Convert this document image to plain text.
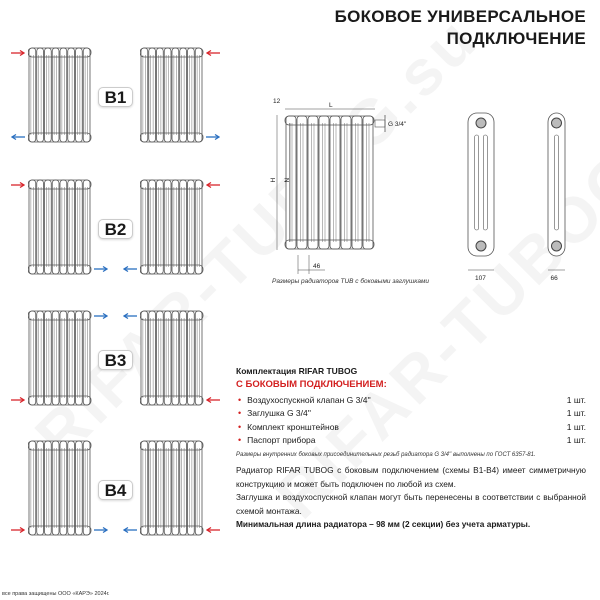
БОКОВОЕ УНИВЕРСАЛЬНОЕ
ПОДКЛЮЧЕНИЕ
B1
B2
B3
B4
H N
L
12
G 3/4''
46
107	66
Размеры радиаторов TUB с боковыми заглушками
Комплектация RIFAR TUBOG
С БОКОВЫМ ПОДКЛЮЧЕНИЕМ:
• Воздухоспускной клапан G 3/4''	1 шт.
• Заглушка G 3/4''	1 шт.
• Комплект кронштейнов	1 шт.
• Паспорт прибора	1 шт.
Размеры внутренних боковых присоединительных резьб радиатора G 3/4'' выполнены по ГОСТ 6357-81.
Радиатор RIFAR TUBOG с боковым подключением (схемы В1-В4) имеет симметричную конструкцию и может быть подключен по любой из схем.
Заглушка и воздухоспускной клапан могут быть перенесены в соответствии с выбранной схемой монтажа.
Минимальная длина радиатора – 98 мм (2 секции) без учета арматуры.
все права защищены ООО «КАРЭ» 2024г.
